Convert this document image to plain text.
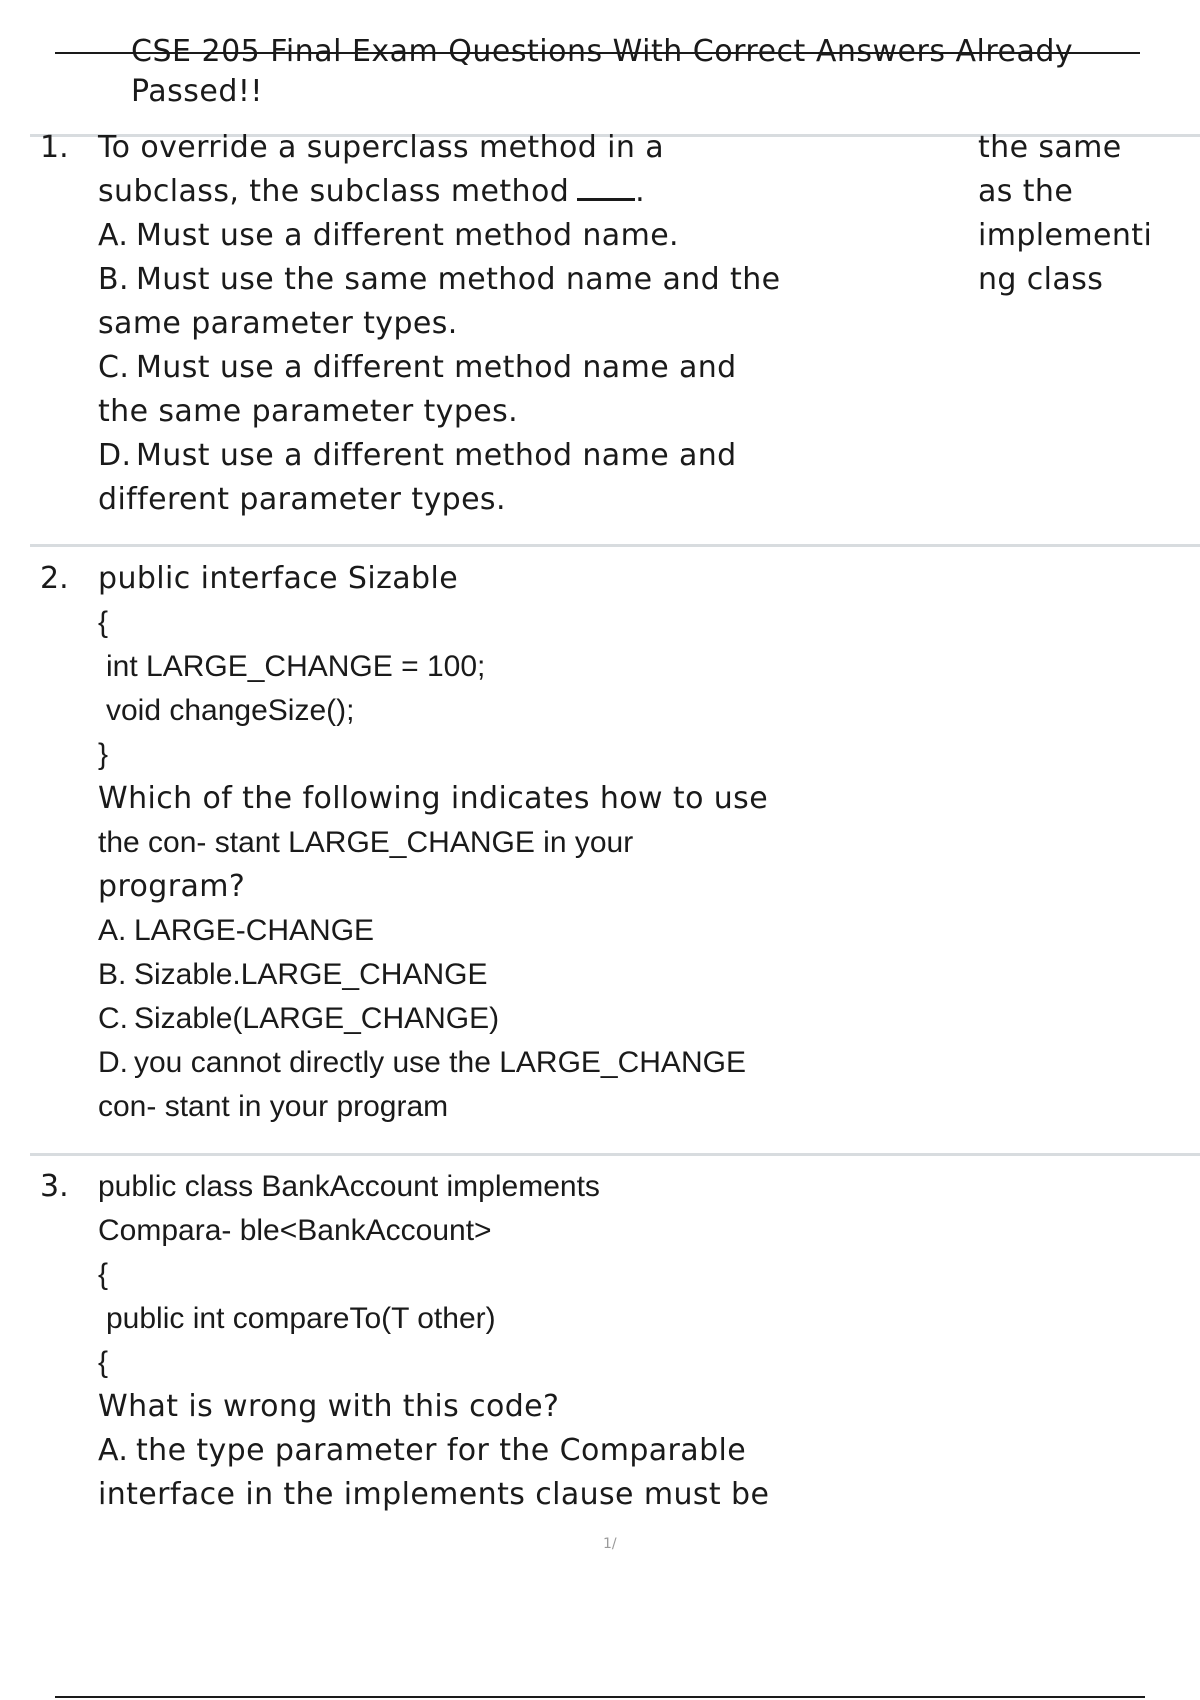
CSE 205 Final Exam Questions With Correct Answers Already
Passed!!
1. To override a superclass method in a
subclass, the subclass method .
A. Must use a different method name.
B. Must use the same method name and the
same parameter types.
C. Must use a different method name and
the same parameter types.
D. Must use a different method name and
different parameter types.
the same
as the
implementi
ng class
2. public interface Sizable
{
int LARGE_CHANGE = 100;
void changeSize();
}
Which of the following indicates how to use
the con- stant LARGE_CHANGE in your
program?
A. LARGE-CHANGE
B. Sizable.LARGE_CHANGE
C. Sizable(LARGE_CHANGE)
D. you cannot directly use the LARGE_CHANGE
con- stant in your program
3. public class BankAccount implements
Compara- ble<BankAccount>
{
public int compareTo(T other)
{
What is wrong with this code?
A. the type parameter for the Comparable
interface in the implements clause must be
1/
